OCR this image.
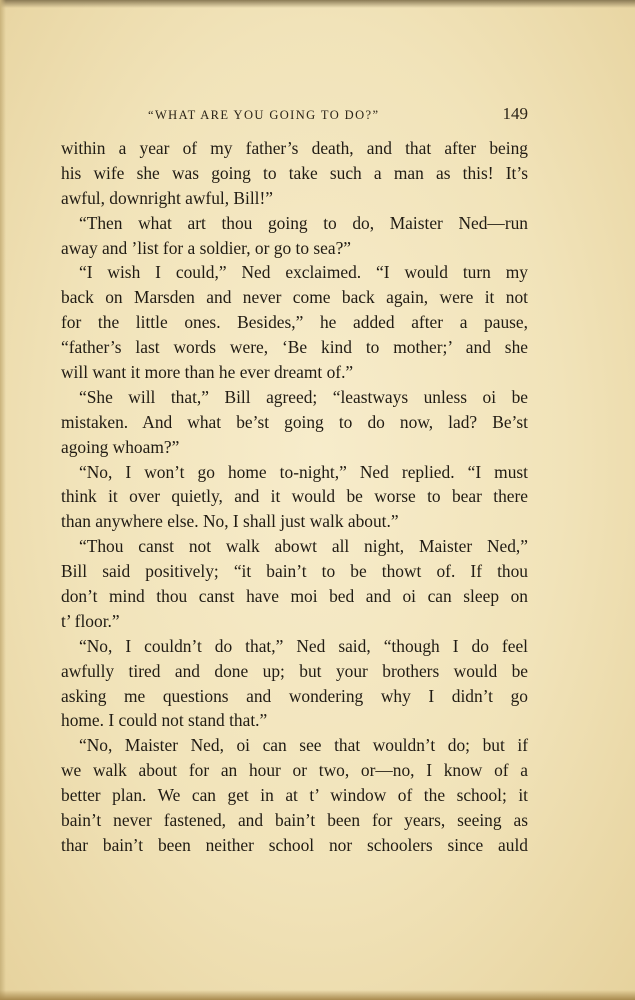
“WHAT ARE YOU GOING TO DO?”	149
within a year of my father’s death, and that after being
his wife she was going to take such a man as this! It’s
awful, downright awful, Bill!”
“Then what art thou going to do, Maister Ned—run
away and ’list for a soldier, or go to sea?”
“I wish I could,” Ned exclaimed. “I would turn my
back on Marsden and never come back again, were it not
for the little ones. Besides,” he added after a pause,
“father’s last words were, ‘Be kind to mother;’ and she
will want it more than he ever dreamt of.”
“She will that,” Bill agreed; “leastways unless oi be
mistaken. And what be’st going to do now, lad? Be’st
agoing whoam?”
“No, I won’t go home to-night,” Ned replied. “I must
think it over quietly, and it would be worse to bear there
than anywhere else. No, I shall just walk about.”
“Thou canst not walk abowt all night, Maister Ned,”
Bill said positively; “it bain’t to be thowt of. If thou
don’t mind thou canst have moi bed and oi can sleep on
t’ floor.”
“No, I couldn’t do that,” Ned said, “though I do feel
awfully tired and done up; but your brothers would be
asking me questions and wondering why I didn’t go
home. I could not stand that.”
“No, Maister Ned, oi can see that wouldn’t do; but if
we walk about for an hour or two, or—no, I know of a
better plan. We can get in at t’ window of the school; it
bain’t never fastened, and bain’t been for years, seeing as
thar bain’t been neither school nor schoolers since auld
